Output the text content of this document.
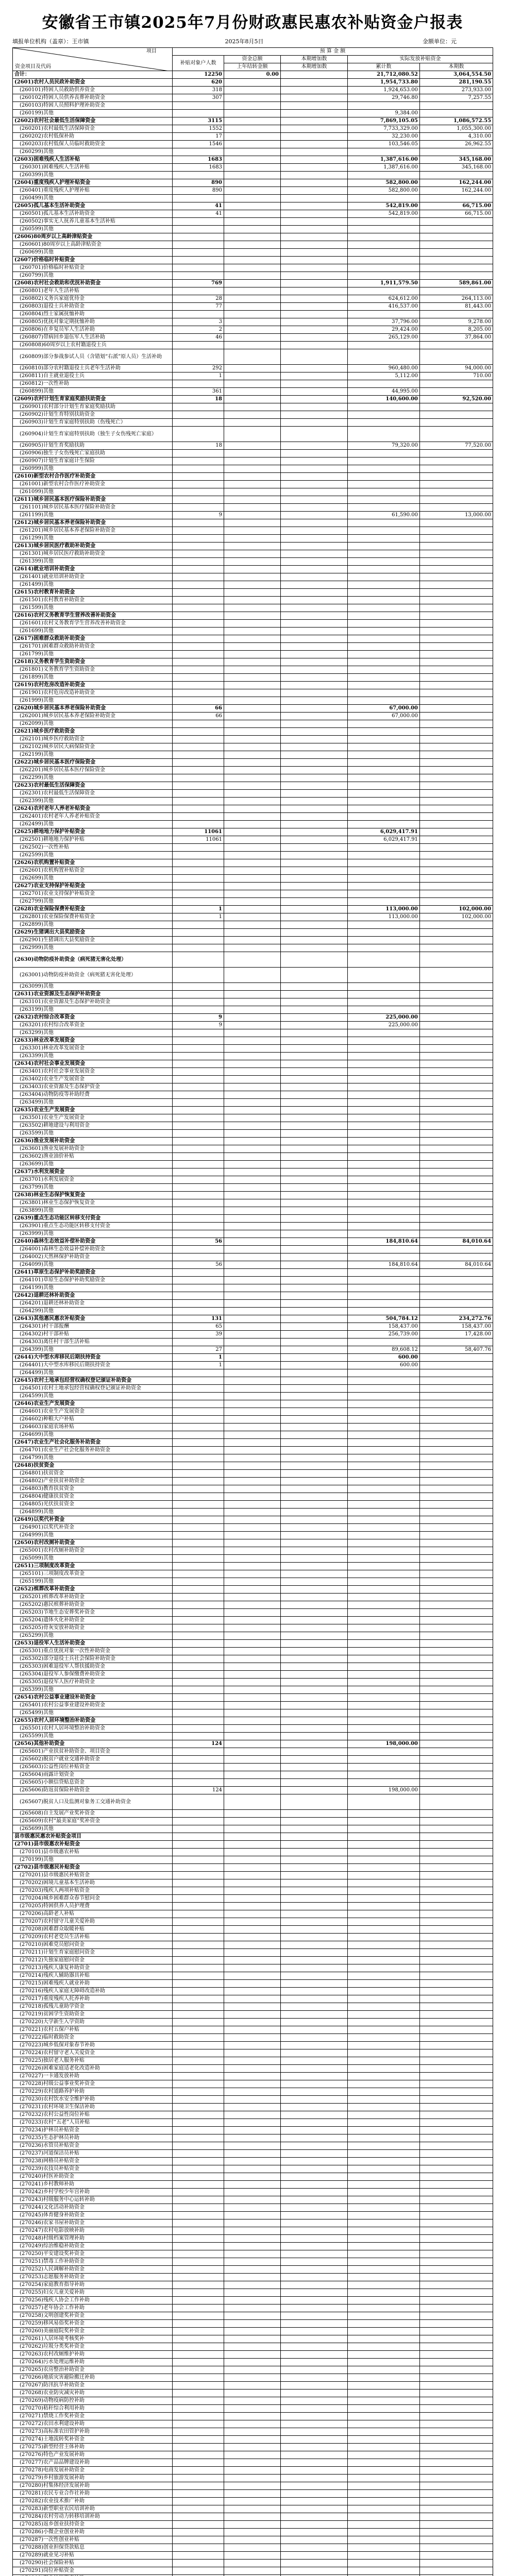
安徽省王市镇2025年7月份财政惠民惠农补贴资金户报表
填报单位机构（盖章）：王市镇	2025年8月5日	金额单位：元
项目
资金项目及代码	预 算 金 额				
	补贴对象户人数	资金总额	本期增加数	实际发放补贴资金	
		上年结转金额	本期增加数	累计数	本期数
合计：	12250	0.00		21,712,080.52	3,064,554.50
(2601)农村人员民政补助资金	620			1,954,733.80	281,190.55
　(260101)特困人员救助供养资金	318			1,924,653.00	273,933.00
　(260102)特困人员供养丧葬补助资金	307			29,746.80	7,257.55
　(260103)特困人员照料护理补助资金					
　(260199)其他				9,384.00	
(2602)农村社会最低生活保障资金	3115			7,869,105.05	1,086,572.55
　(260201)农村最低生活保障资金	1552			7,733,329.00	1,055,300.00
　(260202)农村低保补助	17			32,230.00	4,310.00
　(260203)农村低保人员临时救助资金	1546			103,546.05	26,962.55
　(260299)其他					
(2603)困难残疾人生活补贴	1683			1,387,616.00	345,168.00
　(260301)困难残疾人生活补贴	1683			1,387,616.00	345,168.00
　(260399)其他					
(2604)重度残疾人护理补贴资金	890			582,800.00	162,244.00
　(260401)重度残疾人护理补贴	890			582,800.00	162,244.00
　(260499)其他					
(2605)孤儿基本生活补助资金	41			542,819.00	66,715.00
　(260501)孤儿基本生活补助资金	41			542,819.00	66,715.00
　(260502)事实无人抚养儿童基本生活补贴					
　(260599)其他					
(2606)80周岁以上高龄津贴资金					
　(260601)80周岁以上高龄津贴资金					
　(260699)其他					
(2607)价格临时补贴资金					
　(260701)价格临时补贴资金					
　(260799)其他					
(2608)农村社会救助和优抚补助资金	769			1,911,579.50	589,861.00
　(260801)老年人生活补贴					
　(260802)义务兵家庭优待金	28			624,612.00	264,113.00
　(260803)退役士兵补助资金	77			416,537.00	81,443.00
　(260804)烈士家属抚恤补助					
　(260805)优抚对象定期抚恤补助	3			37,796.00	9,278.00
　(260806)在乡复员军人生活补助	2			29,424.00	8,205.00
　(260807)带病回乡退伍军人生活补助	46			265,129.00	37,864.00
　(260808)60周岁以上农村籍退役士兵					
　(260809)部分参战参试人员（含错划“右派”原人员）生活补助					
　(260810)部分农村籍退役士兵老年生活补助	292			960,480.00	94,000.00
　(260811)自主就业退役士兵	1			5,112.00	710.00
　(260812)一次性补助					
　(260899)其他	361			44,995.00	
(2609)农村计划生育家庭奖励扶助资金	18			140,600.00	92,520.00
　(260901)农村部分计划生育家庭奖励扶助					
　(260902)计划生育特别扶助资金					
　(260903)计划生育家庭特别扶助（伤残死亡）					
　(260904)计划生育家庭特别扶助（独生子女伤残死亡家庭）					
　(260905)计划生育奖励扶助	18			79,320.00	77,520.00
　(260906)独生子女伤残死亡家庭扶助					
　(260907)计划生育家庭计生保险					
　(260999)其他					
(2610)新型农村合作医疗补助资金					
　(261001)新型农村合作医疗补助资金					
　(261099)其他					
(2611)城乡居民基本医疗保险补助资金					
　(261101)城乡居民基本医疗保险补助资金					
　(261199)其他	9			61,590.00	13,000.00
(2612)城乡居民基本养老保险补助资金					
　(261201)城乡居民基本养老保险补助资金					
　(261299)其他					
(2613)城乡居民医疗救助补助资金					
　(261301)城乡居民医疗救助补助资金					
　(261399)其他					
(2614)就业培训补助资金					
　(261401)就业培训补助资金					
　(261499)其他					
(2615)农村教育补助资金					
　(261501)农村教育补助资金					
　(261599)其他					
(2616)农村义务教育学生营养改善补助资金					
　(261601)农村义务教育学生营养改善补助资金					
　(261699)其他					
(2617)困难群众救助补助资金					
　(261701)困难群众救助补助资金					
　(261799)其他					
(2618)义务教育学生资助资金					
　(261801)义务教育学生资助资金					
　(261899)其他					
(2619)农村危房改造补助资金					
　(261901)农村危房改造补助资金					
　(261999)其他					
(2620)城乡居民基本养老保险补助资金	66			67,000.00	
　(262001)城乡居民基本养老保险补助资金	66			67,000.00	
　(262099)其他					
(2621)城乡医疗救助资金					
　(262101)城乡医疗救助资金					
　(262102)城乡居民大病保险资金					
　(262199)其他					
(2622)城乡居民基本医疗保险资金					
　(262201)城乡居民基本医疗保险资金					
　(262299)其他					
(2623)农村最低生活保障资金					
　(262301)农村最低生活保障资金					
　(262399)其他					
(2624)农村老年人养老补贴资金					
　(262401)农村老年人养老补贴资金					
　(262499)其他					
(2625)耕地地力保护补贴资金	11061			6,029,417.91	
　(262501)耕地地力保护补贴	11061			6,029,417.91	
　(262502)一次性补贴					
　(262599)其他					
(2626)农机购置补贴资金					
　(262601)农机购置补贴资金					
　(262699)其他					
(2627)农业支持保护补贴资金					
　(262701)农业支持保护补贴资金					
　(262799)其他					
(2628)农业保险保费补贴资金	1			113,000.00	102,000.00
　(262801)农业保险保费补贴资金	1			113,000.00	102,000.00
　(262899)其他					
(2629)生猪调出大县奖励资金					
　(262901)生猪调出大县奖励资金					
　(262999)其他					
(2630)动物防疫补助资金（病死猪无害化处理）					
　(263001)动物防疫补助资金（病死猪无害化处理）					
　(263099)其他					
(2631)农业资源及生态保护补助资金					
　(263101)农业资源及生态保护补助资金					
　(263199)其他					
(2632)农村综合改革资金	9			225,000.00	
　(263201)农村综合改革资金	9			225,000.00	
　(263299)其他					
(2633)林业改革发展资金					
　(263301)林业改革发展资金					
　(263399)其他					
(2634)农村社会事业发展资金					
　(263401)农村社会事业发展资金					
　(263402)农业生产发展资金					
　(263403)农业资源及生态保护资金					
　(263404)动物防疫等补助经费					
　(263499)其他					
(2635)农业生产发展资金					
　(263501)农业生产发展资金					
　(263502)耕地建设与利用资金					
　(263599)其他					
(2636)渔业发展补助资金					
　(263601)渔业发展补助资金					
　(263602)渔业油价补贴					
　(263699)其他					
(2637)水利发展资金					
　(263701)水利发展资金					
　(263799)其他					
(2638)林业生态保护恢复资金					
　(263801)林业生态保护恢复资金					
　(263899)其他					
(2639)重点生态功能区转移支付资金					
　(263901)重点生态功能区转移支付资金					
　(263999)其他					
(2640)森林生态效益补偿补助资金	56			184,810.64	84,010.64
　(264001)森林生态效益补偿补助资金					
　(264002)天然林保护补助资金					
　(264099)其他	56			184,810.64	84,010.64
(2641)草原生态保护补助奖励资金					
　(264101)草原生态保护补助奖励资金					
　(264199)其他					
(2642)退耕还林补助资金					
　(264201)退耕还林补助资金					
　(264299)其他					
(2643)其他惠民惠农补贴资金	131			504,784.12	234,272.76
　(264301)村干部报酬	65			158,437.00	158,437.00
　(264302)村干部补贴	39			256,739.00	17,428.00
　(264303)离任村干部生活补贴					
　(264399)其他	27			89,608.12	58,407.76
(2644)大中型水库移民后期扶持资金	1			600.00	
　(264401)大中型水库移民后期扶持资金	1			600.00	
　(264499)其他					
(2645)农村土地承包经营权确权登记颁证补助资金					
　(264501)农村土地承包经营权确权登记颁证补助资金					
　(264599)其他					
(2646)农业生产发展资金					
　(264601)农业生产发展资金					
　(264602)种粮大户补贴					
　(264603)家庭农场补贴					
　(264699)其他					
(2647)农业生产社会化服务补助资金					
　(264701)农业生产社会化服务补助资金					
　(264799)其他					
(2648)扶贫资金					
　(264801)扶贫资金					
　(264802)产业扶贫补助资金					
　(264803)教育扶贫资金					
　(264804)健康扶贫资金					
　(264805)光伏扶贫资金					
　(264899)其他					
(2649)以奖代补资金					
　(264901)以奖代补资金					
　(264999)其他					
(2650)农村改厕补助资金					
　(265001)农村改厕补助资金					
　(265099)其他					
(2651)三项制度改革资金					
　(265101)三项制度改革资金					
　(265199)其他					
(2652)殡葬改革补助资金					
　(265201)殡葬改革补助资金					
　(265202)惠民殡葬补助资金					
　(265203)节地生态安葬奖补资金					
　(265204)遗体火化补助资金					
　(265205)骨灰安放补助资金					
　(265299)其他					
(2653)退役军人生活补助资金					
　(265301)重点优抚对象一次性补助资金					
　(265302)部分退役士兵社会保险补助资金					
　(265303)困难退役军人帮扶援助资金					
　(265304)退役军人参保缴费补助资金					
　(265305)退役军人医疗补助资金					
　(265399)其他					
(2654)农村公益事业建设补助资金					
　(265401)农村公益事业建设补助资金					
　(265499)其他					
(2655)农村人居环境整治补助资金					
　(265501)农村人居环境整治补助资金					
　(265599)其他					
(2656)其他补助资金	124			198,000.00	
　(265601)产业扶贫补助资金、项目资金					
　(265602)脱贫户就业交通补助资金					
　(265603)公益性岗位补贴资金					
　(265604)雨露计划资金					
　(265605)小额信贷贴息资金					
　(265606)防返贫保险补助资金	124			198,000.00	
　(265607)脱贫人口及监测对象务工交通补助资金					
　(265608)自主发展产业奖补资金					
　(265609)农村“最美家庭”奖补资金					
　(265699)其他					
县市级惠民惠农补贴资金项目					
(2701)县市级惠农补贴资金					
　(270101)县市级惠农补贴					
　(270199)其他					
(2702)县市级惠民补贴资金					
　(270201)县市级惠民补贴资金					
　(270202)困境儿童基本生活补助					
　(270203)残疾人两项补贴资金					
　(270204)城乡困难群众春节慰问金					
　(270205)特困供养人员护理费					
　(270206)高龄老人补贴					
　(270207)农村留守儿童关爱补助					
　(270208)困难群众取暖补贴					
　(270209)农村老党员生活补贴					
　(270210)困难党员慰问资金					
　(270211)计划生育家庭慰问资金					
　(270212)失独家庭慰问资金					
　(270213)残疾人康复补助资金					
　(270214)残疾人辅助器具补贴					
　(270215)困难残疾人就业补助					
　(270216)残疾人家庭无障碍改造补助					
　(270217)重度残疾人托养补助					
　(270218)孤残儿童助学资金					
　(270219)贫困学生资助资金					
　(270220)大学新生入学资助					
　(270221)农村五保户补贴					
　(270222)临时救助资金					
　(270223)城乡低保对象春节补助					
　(270224)农村留守老人关爱资金					
　(270225)独居老人服务补贴					
　(270226)困难家庭适老化改造补助					
　(270227)一卡通发放补助					
　(270228)村级公益事业奖补资金					
　(270229)农村道路养护补助					
　(270230)农村饮水安全维护补助					
　(270231)农村环境卫生保洁补助					
　(270232)农村公益性岗位补贴					
　(270233)农村“五老”人员补贴					
　(270234)护林员补贴资金					
　(270235)生态护林员补助					
　(270236)水管员补贴资金					
　(270237)河道保洁员补贴					
　(270238)网格员补贴资金					
　(270239)农技员补贴资金					
　(270240)村医补助资金					
　(270241)乡村教师补助					
　(270242)乡村学校少年宫补助					
　(270243)村级服务中心运转补助					
　(270244)文化活动补助资金					
　(270245)体育健身补助资金					
　(270246)农家书屋补助资金					
　(270247)农村电影放映补助					
　(270248)村级档案管理补助					
　(270249)综治维稳补助资金					
　(270250)平安建设奖补资金					
　(270251)禁毒工作补助资金					
　(270252)人民调解补助资金					
　(270253)志愿服务补助资金					
　(270254)家庭教育指导补助					
　(270255)妇女儿童关爱补助					
　(270256)残疾人协会工作补助					
　(270257)老年协会工作补助					
　(270258)文明创建奖补资金					
　(270259)移风易俗奖补资金					
　(270260)美丽庭院奖补资金					
　(270261)人居环境考核奖补					
　(270262)垃圾分类奖补资金					
　(270263)农村改厕维护补助					
　(270264)污水处理运维补助					
　(270265)农房整治补助资金					
　(270266)地质灾害避险搬迁补助					
　(270267)防汛抗旱补助资金					
　(270268)农业防灾减灾补助					
　(270269)动物疫病防控补助					
　(270270)秸秆综合利用补助					
　(270271)禁烧工作奖补资金					
　(270272)农田水利建设补助					
　(270273)高标准农田管护补助					
　(270274)土地流转奖补资金					
　(270275)新型经营主体补助					
　(270276)特色产业发展补助					
　(270277)农产品品牌建设补助					
　(270278)电商发展补助资金					
　(270279)乡村旅游发展补助					
　(270280)村集体经济发展补助					
　(270281)农民专业合作社补助					
　(270282)农业技术推广补助					
　(270283)新型职业农民培训补助					
　(270284)农村劳动力转移培训补助					
　(270285)返乡创业扶持资金					
　(270286)小微企业创业补助					
　(270287)一次性创业补贴					
　(270288)创业担保贷款贴息					
　(270289)就业见习补贴					
　(270290)社会保险补贴					
　(270291)岗位补贴资金					
